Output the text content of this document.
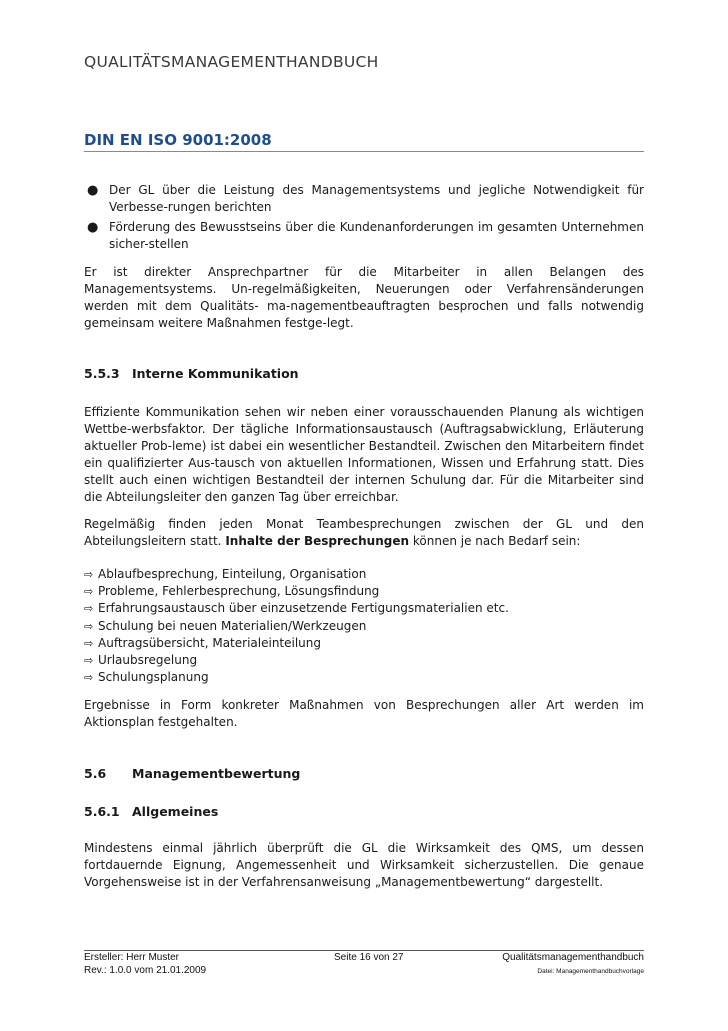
QUALITÄTSMANAGEMENTHANDBUCH
DIN EN ISO 9001:2008
● Der GL über die Leistung des Managementsystems und jegliche Notwendigkeit für Verbesse-rungen berichten
● Förderung des Bewusstseins über die Kundenanforderungen im gesamten Unternehmen sicher-stellen

Er ist direkter Ansprechpartner für die Mitarbeiter in allen Belangen des Managementsystems. Un-regelmäßigkeiten, Neuerungen oder Verfahrensänderungen werden mit dem Qualitäts- ma-nagementbeauftragten besprochen und falls notwendig gemeinsam weitere Maßnahmen festge-legt.

5.5.3 Interne Kommunikation

Effiziente Kommunikation sehen wir neben einer vorausschauenden Planung als wichtigen Wettbe-werbsfaktor. Der tägliche Informationsaustausch (Auftragsabwicklung, Erläuterung aktueller Prob-leme) ist dabei ein wesentlicher Bestandteil. Zwischen den Mitarbeitern findet ein qualifizierter Aus-tausch von aktuellen Informationen, Wissen und Erfahrung statt. Dies stellt auch einen wichtigen Bestandteil der internen Schulung dar. Für die Mitarbeiter sind die Abteilungsleiter den ganzen Tag über erreichbar.

Regelmäßig finden jeden Monat Teambesprechungen zwischen der GL und den Abteilungsleitern statt. Inhalte der Besprechungen können je nach Bedarf sein:

⇨ Ablaufbesprechung, Einteilung, Organisation
⇨ Probleme, Fehlerbesprechung, Lösungsfindung
⇨ Erfahrungsaustausch über einzusetzende Fertigungsmaterialien etc.
⇨ Schulung bei neuen Materialien/Werkzeugen
⇨ Auftragsübersicht, Materialeinteilung
⇨ Urlaubsregelung
⇨ Schulungsplanung

Ergebnisse in Form konkreter Maßnahmen von Besprechungen aller Art werden im Aktionsplan festgehalten.

5.6 Managementbewertung
5.6.1 Allgemeines

Mindestens einmal jährlich überprüft die GL die Wirksamkeit des QMS, um dessen fortdauernde Eignung, Angemessenheit und Wirksamkeit sicherzustellen. Die genaue Vorgehensweise ist in der Verfahrensanweisung „Managementbewertung“ dargestellt.

Ersteller: Herr Muster	Seite 16 von 27	Qualitätsmanagementhandbuch
Rev.: 1.0.0 vom 21.01.2009	Datei: Managementhandbuchvorlage
